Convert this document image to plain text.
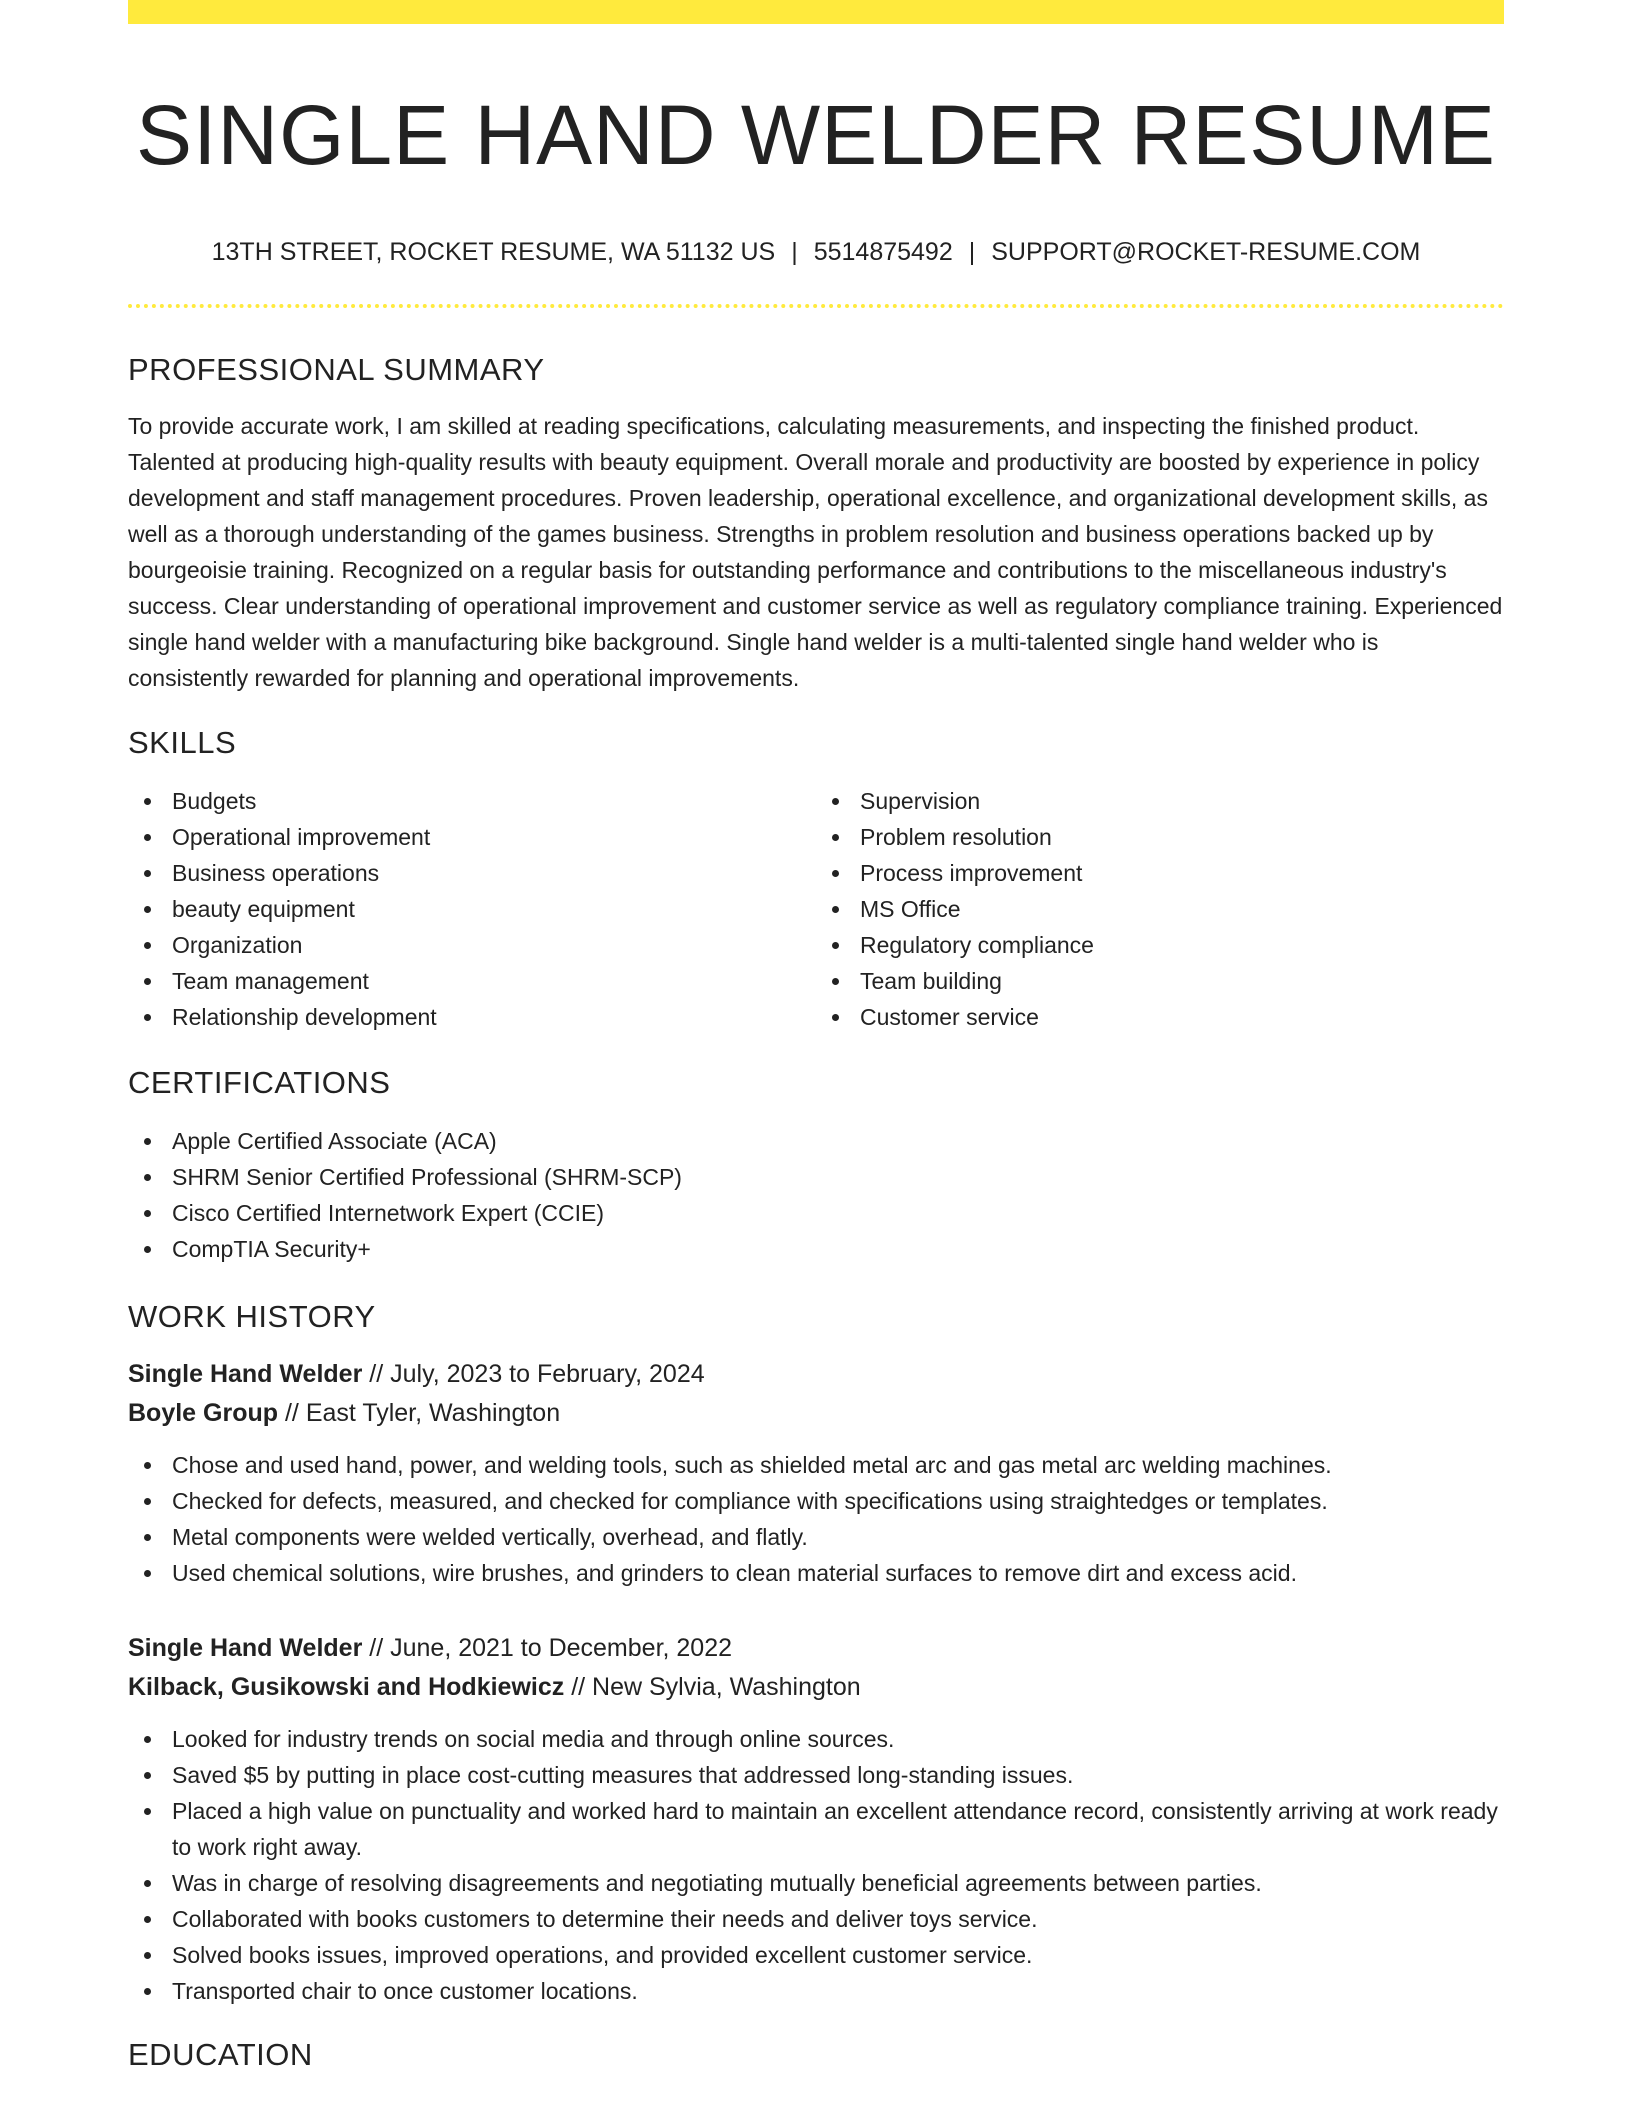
SINGLE HAND WELDER RESUME
13TH STREET, ROCKET RESUME, WA 51132 US | 5514875492 | SUPPORT@ROCKET-RESUME.COM
PROFESSIONAL SUMMARY

To provide accurate work, I am skilled at reading specifications, calculating measurements, and inspecting the finished product. Talented at producing high-quality results with beauty equipment. Overall morale and productivity are boosted by experience in policy development and staff management procedures. Proven leadership, operational excellence, and organizational development skills, as well as a thorough understanding of the games business. Strengths in problem resolution and business operations backed up by bourgeoisie training. Recognized on a regular basis for outstanding performance and contributions to the miscellaneous industry's success. Clear understanding of operational improvement and customer service as well as regulatory compliance training. Experienced single hand welder with a manufacturing bike background. Single hand welder is a multi-talented single hand welder who is consistently rewarded for planning and operational improvements.

SKILLS
Budgets
Operational improvement
Business operations
beauty equipment
Organization
Team management
Relationship development
Supervision
Problem resolution
Process improvement
MS Office
Regulatory compliance
Team building
Customer service
CERTIFICATIONS
Apple Certified Associate (ACA)
SHRM Senior Certified Professional (SHRM-SCP)
Cisco Certified Internetwork Expert (CCIE)
CompTIA Security+
WORK HISTORY
Single Hand Welder // July, 2023 to February, 2024
Boyle Group // East Tyler, Washington
Chose and used hand, power, and welding tools, such as shielded metal arc and gas metal arc welding machines.
Checked for defects, measured, and checked for compliance with specifications using straightedges or templates.
Metal components were welded vertically, overhead, and flatly.
Used chemical solutions, wire brushes, and grinders to clean material surfaces to remove dirt and excess acid.
Single Hand Welder // June, 2021 to December, 2022
Kilback, Gusikowski and Hodkiewicz // New Sylvia, Washington
Looked for industry trends on social media and through online sources.
Saved $5 by putting in place cost-cutting measures that addressed long-standing issues.
Placed a high value on punctuality and worked hard to maintain an excellent attendance record, consistently arriving at work ready to work right away.
Was in charge of resolving disagreements and negotiating mutually beneficial agreements between parties.
Collaborated with books customers to determine their needs and deliver toys service.
Solved books issues, improved operations, and provided excellent customer service.
Transported chair to once customer locations.
EDUCATION
